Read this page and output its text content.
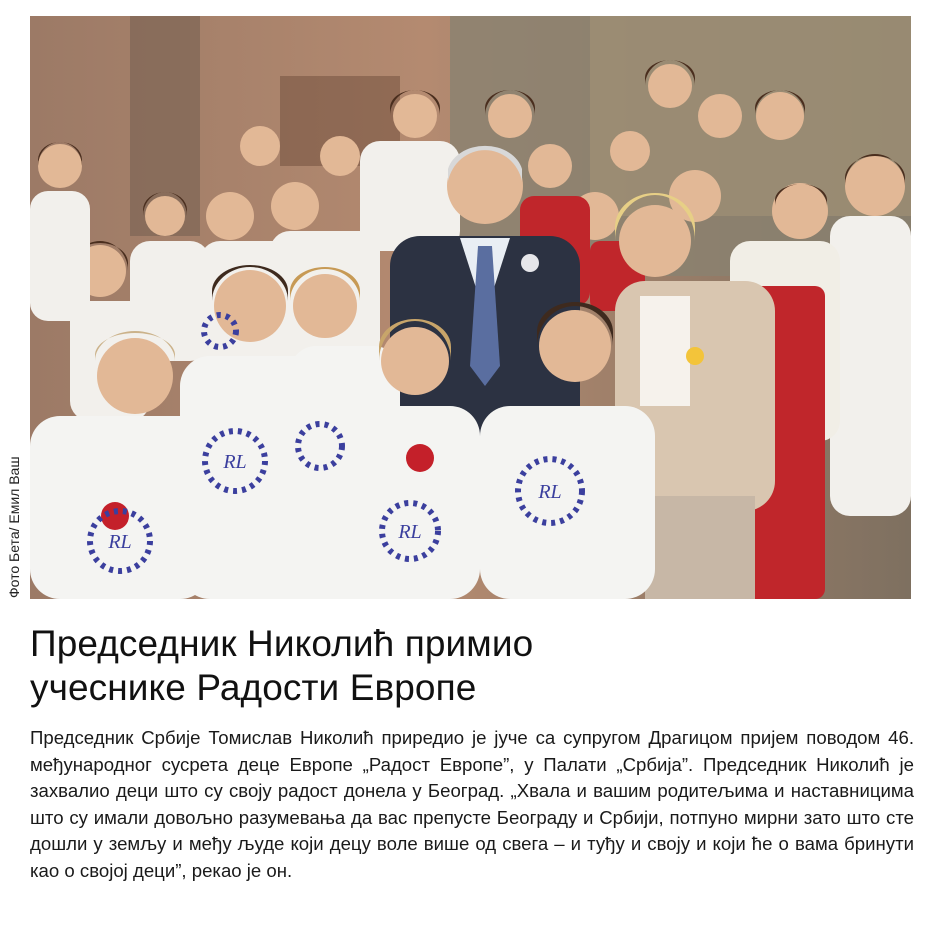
Фото Бета/ Емил Ваш	RL
RL
RL
RL
Председник Николић примио
учеснике Радости Европе

Председник Србије Томислав Николић приредио је јуче са супругом Драгицом пријем поводом 46. међународног сусрета деце Европе „Радост Европе”, у Палати „Србија”. Председник Николић је захвалио деци што су своју радост донела у Београд. „Хвала и вашим родитељима и наставницима што су имали довољно разумевања да вас препусте Београду и Србији, потпуно мирни зато што сте дошли у земљу и међу људе који децу воле више од свега – и туђу и своју и који ће о вама бринути као о својој деци”, рекао је он.
